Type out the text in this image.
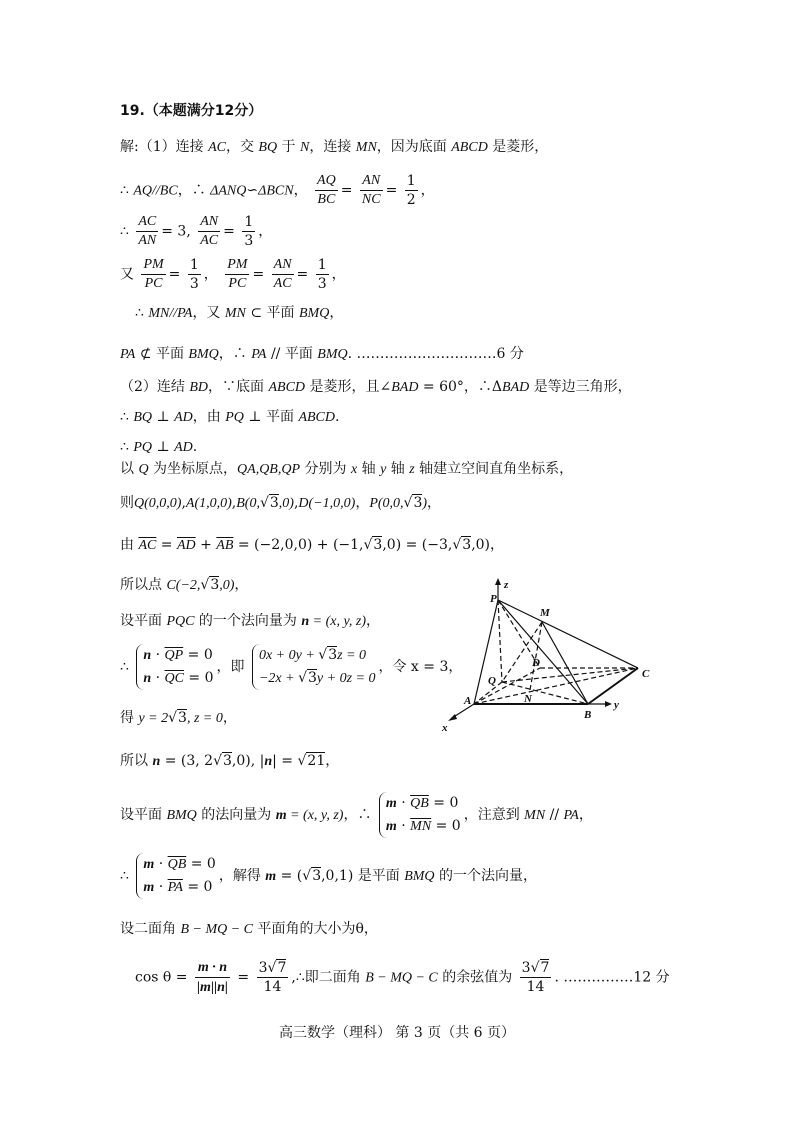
19.（本题满分12分）
解:（1）连接 AC，交 BQ 于 N，连接 MN，因为底面 ABCD 是菱形，
∴ AQ//BC，∴ ΔANQ∽ΔBCN， $\frac{AQ}{BC} = \frac{AN}{NC} = \frac{1}{2}$ ，
∴ $\frac{AC}{AN} = 3$, $\frac{AN}{AC} = \frac{1}{3}$ ，
又 $\frac{PM}{PC} = \frac{1}{3}$ ， $\frac{PM}{PC} = \frac{AN}{AC} = \frac{1}{3}$ ，
∴ MN//PA，又 MN ⊂ 平面 BMQ，
PA ⊄ 平面 BMQ，∴ PA // 平面 BMQ. …………………………6 分
（2）连结 BD，∵底面 ABCD 是菱形，且∠BAD = 60°，∴ΔBAD 是等边三角形，
∴ BQ ⊥ AD，由 PQ ⊥ 平面 ABCD.
∴ PQ ⊥ AD.
以 Q 为坐标原点，QA,QB,QP 分别为 x 轴 y 轴 z 轴建立空间直角坐标系，
则Q(0,0,0),A(1,0,0),B(0,√3,0),D(−1,0,0)，P(0,0,√3)，
由 $\overline{AC} = \overline{AD} + \overline{AB} = (-2,0,0) + (-1,√3,0) = (-3,√3,0)$，
所以点 C(−2,√3,0)，
设平面 PQC 的一个法向量为 n = (x, y, z)，
∴
$n \cdot \overline{QP} = 0$
$n \cdot \overline{QC} = 0$
，即
0x + 0y + √3z = 0
−2x + √3y + 0z = 0
，令 x = 3，
得 y = 2√3, z = 0，
所以 n = (3, 2√3,0), |n| = √21，
设平面 BMQ 的法向量为 m = (x, y, z)，∴
$m \cdot \overline{QB} = 0$
$m \cdot \overline{MN} = 0$
，注意到 MN // PA，
∴
$m \cdot \overline{QB} = 0$
$m \cdot \overline{PA} = 0$
，解得 m = (√3,0,1) 是平面 BMQ 的一个法向量，
设二面角 B − MQ − C 平面角的大小为θ，
$\cos \theta = \frac{m \cdot n}{|m||n|} = \frac{3√7}{14}$ ,∴即二面角 B − MQ − C 的余弦值为 $\frac{3√7}{14}$ . ……………12 分
z
P
M
D
Q
A	N
B
C
y
x
高三数学（理科） 第 3 页（共 6 页）
